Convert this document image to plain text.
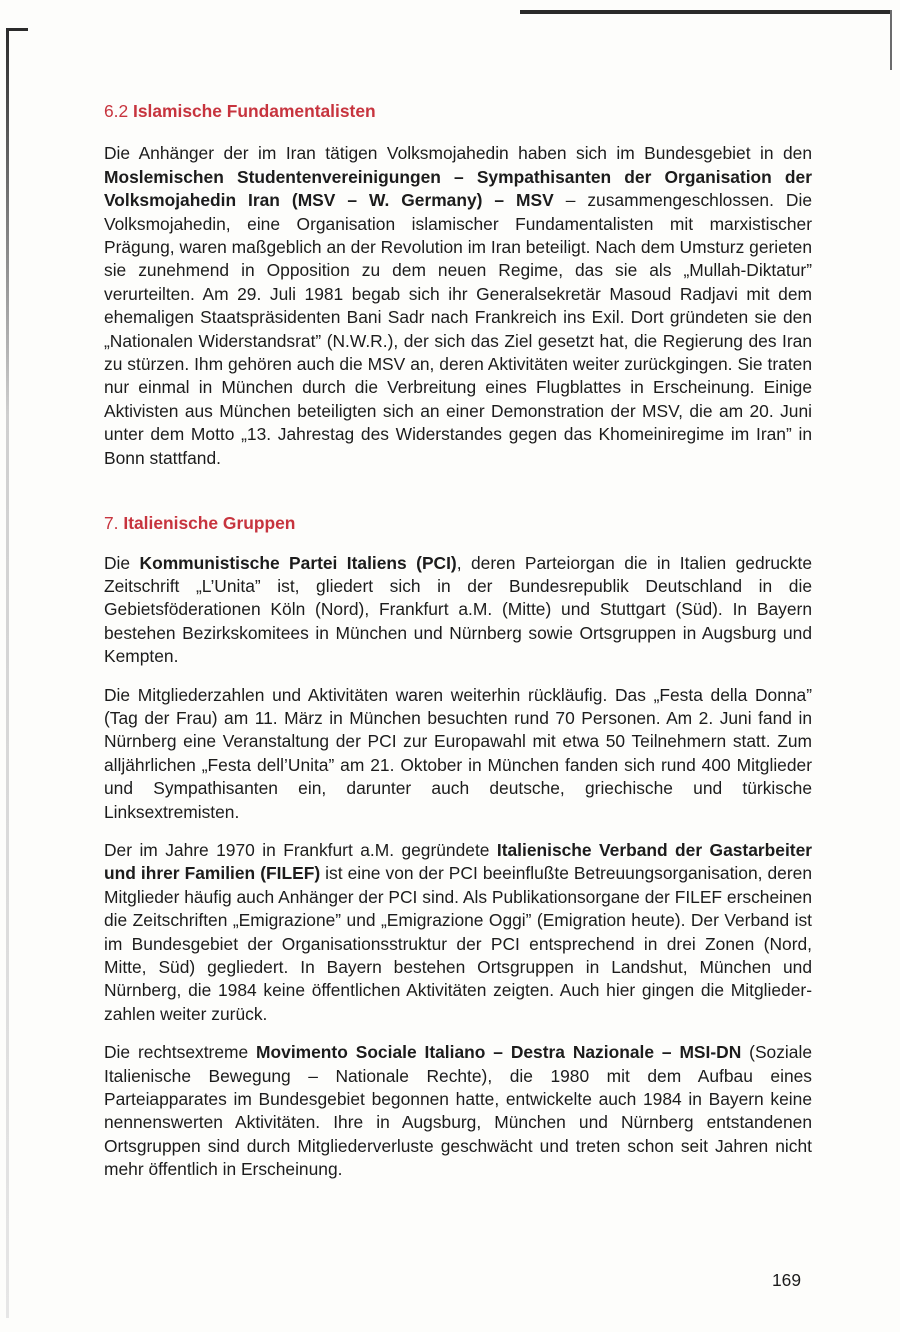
6.2 Islamische Fundamentalisten

Die Anhänger der im Iran tätigen Volksmojahedin haben sich im Bundesgebiet in den Moslemischen Studentenvereinigungen – Sympathisanten der Organisation der Volksmojahedin Iran (MSV – W. Germany) – MSV – zusammengeschlossen. Die Volksmojahedin, eine Organisation islamischer Fundamentalisten mit marxistischer Prägung, waren maßgeblich an der Revolution im Iran beteiligt. Nach dem Umsturz gerieten sie zunehmend in Opposition zu dem neuen Regime, das sie als „Mullah-Diktatur” verurteilten. Am 29. Juli 1981 begab sich ihr Generalsekretär Masoud Radjavi mit dem ehemaligen Staatspräsidenten Bani Sadr nach Frankreich ins Exil. Dort gründeten sie den „Nationalen Widerstandsrat” (N.W.R.), der sich das Ziel gesetzt hat, die Regierung des Iran zu stürzen. Ihm gehören auch die MSV an, deren Aktivitäten weiter zurückgingen. Sie traten nur einmal in München durch die Verbreitung eines Flugblattes in Erscheinung. Einige Aktivisten aus München beteiligten sich an einer Demonstration der MSV, die am 20. Juni unter dem Motto „13. Jahrestag des Widerstandes gegen das Khomeiniregime im Iran” in Bonn stattfand.

7. Italienische Gruppen

Die Kommunistische Partei Italiens (PCI), deren Parteiorgan die in Italien gedruckte Zeitschrift „L’Unita” ist, gliedert sich in der Bundesrepublik Deutschland in die Gebietsföderationen Köln (Nord), Frankfurt a.M. (Mitte) und Stuttgart (Süd). In Bayern bestehen Bezirkskomitees in München und Nürnberg sowie Ortsgruppen in Augsburg und Kempten.

Die Mitgliederzahlen und Aktivitäten waren weiterhin rückläufig. Das „Festa della Donna” (Tag der Frau) am 11. März in München besuchten rund 70 Personen. Am 2. Juni fand in Nürnberg eine Veranstaltung der PCI zur Europawahl mit etwa 50 Teilnehmern statt. Zum alljährlichen „Festa dell’Unita” am 21. Oktober in München fanden sich rund 400 Mitglieder und Sympathisanten ein, darunter auch deutsche, griechische und türkische Linksextremisten.

Der im Jahre 1970 in Frankfurt a.M. gegründete Italienische Verband der Gastarbeiter und ihrer Familien (FILEF) ist eine von der PCI beeinflußte Betreuungsorganisation, deren Mitglieder häufig auch Anhänger der PCI sind. Als Publikationsorgane der FILEF erscheinen die Zeitschriften „Emigrazione” und „Emigrazione Oggi” (Emigration heute). Der Verband ist im Bundesgebiet der Organisationsstruktur der PCI entsprechend in drei Zonen (Nord, Mitte, Süd) gegliedert. In Bayern bestehen Ortsgruppen in Landshut, München und Nürnberg, die 1984 keine öffentlichen Aktivitäten zeigten. Auch hier gingen die Mitgliederzahlen weiter zurück.

Die rechtsextreme Movimento Sociale Italiano – Destra Nazionale – MSI-DN (Soziale Italienische Bewegung – Nationale Rechte), die 1980 mit dem Aufbau eines Parteiapparates im Bundesgebiet begonnen hatte, entwickelte auch 1984 in Bayern keine nennenswerten Aktivitäten. Ihre in Augsburg, München und Nürnberg entstandenen Ortsgruppen sind durch Mitgliederverluste geschwächt und treten schon seit Jahren nicht mehr öffentlich in Erscheinung.

169
